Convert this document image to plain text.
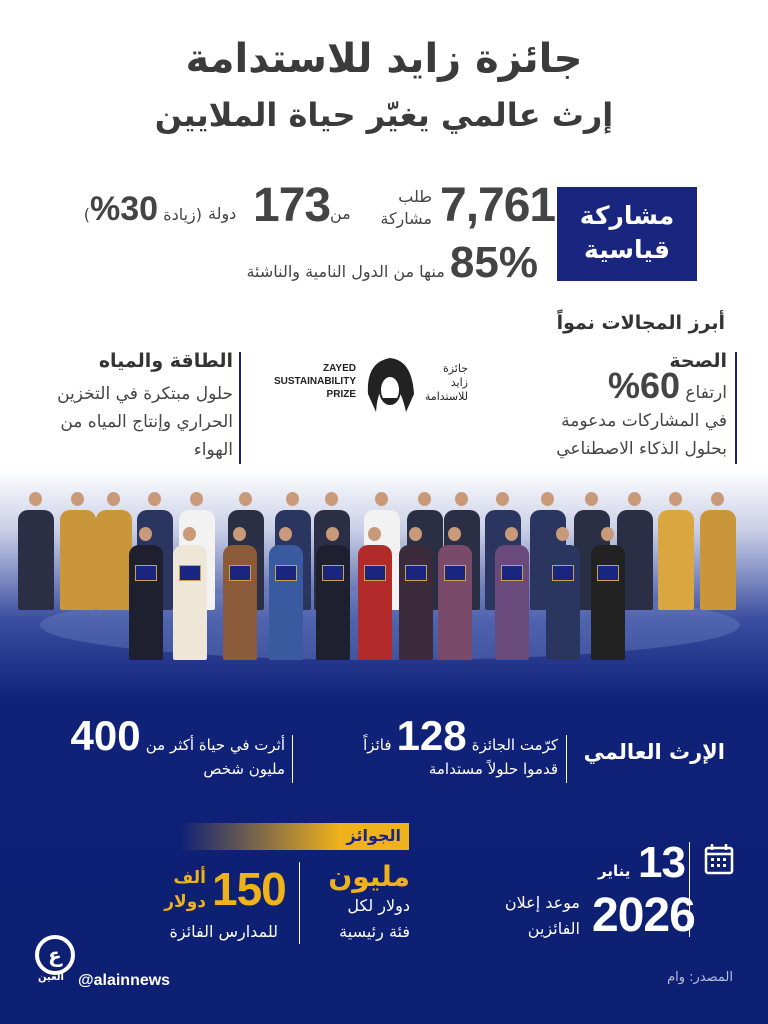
جائزة زايد للاستدامة
إرث عالمي يغيّر حياة الملايين
مشاركة
قياسية
7,761
طلب
مشاركة
من
173
دولة
(زيادة 30%)
85% منها من الدول النامية والناشئة
أبرز المجالات نمواً
الصحة
ارتفاع 60%
في المشاركات مدعومة
بحلول الذكاء الاصطناعي
ZAYED
SUSTAINABILITY
PRIZE
جائزة
زايد
للاستدامة
الطاقة والمياه
حلول مبتكرة في التخزين
الحراري وإنتاج المياه من
الهواء
الإرث العالمي
كرّمت الجائزة 128 فائزاً
قدموا حلولاً مستدامة
أثرت في حياة أكثر من 400
مليون شخص
13
يناير
2026
موعد إعلان
الفائزين
الجوائز
مليون
دولار لكل
فئة رئيسية
150
ألف
دولار
للمدارس الفائزة
ع
العين @alainnews	المصدر: وام
